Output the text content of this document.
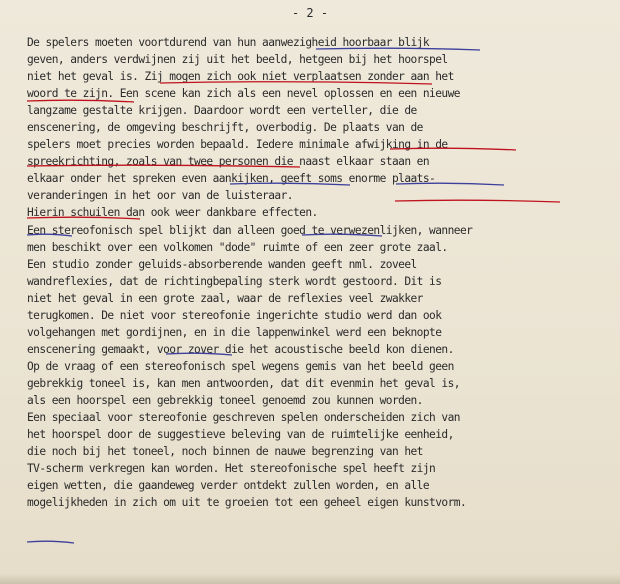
- 2 -
De spelers moeten voortdurend van hun aanwezigheid hoorbaar blijk
geven, anders verdwijnen zij uit het beeld, hetgeen bij het hoorspel
niet het geval is. Zij mogen zich ook niet verplaatsen zonder aan het
woord te zijn. Een scene kan zich als een nevel oplossen en een nieuwe
langzame gestalte krijgen. Daardoor wordt een verteller, die de
enscenering, de omgeving beschrijft, overbodig. De plaats van de
spelers moet precies worden bepaald. Iedere minimale afwijking in de
spreekrichting, zoals van twee personen die naast elkaar staan en
elkaar onder het spreken even aankijken, geeft soms enorme plaats-
veranderingen in het oor van de luisteraar.
Hierin schuilen dan ook weer dankbare effecten.
Een stereofonisch spel blijkt dan alleen goed te verwezenlijken, wanneer
men beschikt over een volkomen "dode" ruimte of een zeer grote zaal.
Een studio zonder geluids-absorberende wanden geeft nml. zoveel
wandreflexies, dat de richtingbepaling sterk wordt gestoord. Dit is
niet het geval in een grote zaal, waar de reflexies veel zwakker
terugkomen. De niet voor stereofonie ingerichte studio werd dan ook
volgehangen met gordijnen, en in die lappenwinkel werd een beknopte
enscenering gemaakt, voor zover die het acoustische beeld kon dienen.
Op de vraag of een stereofonisch spel wegens gemis van het beeld geen
gebrekkig toneel is, kan men antwoorden, dat dit evenmin het geval is,
als een hoorspel een gebrekkig toneel genoemd zou kunnen worden.
Een speciaal voor stereofonie geschreven spelen onderscheiden zich van
het hoorspel door de suggestieve beleving van de ruimtelijke eenheid,
die noch bij het toneel, noch binnen de nauwe begrenzing van het
TV-scherm verkregen kan worden. Het stereofonische spel heeft zijn
eigen wetten, die gaandeweg verder ontdekt zullen worden, en alle
mogelijkheden in zich om uit te groeien tot een geheel eigen kunstvorm.
